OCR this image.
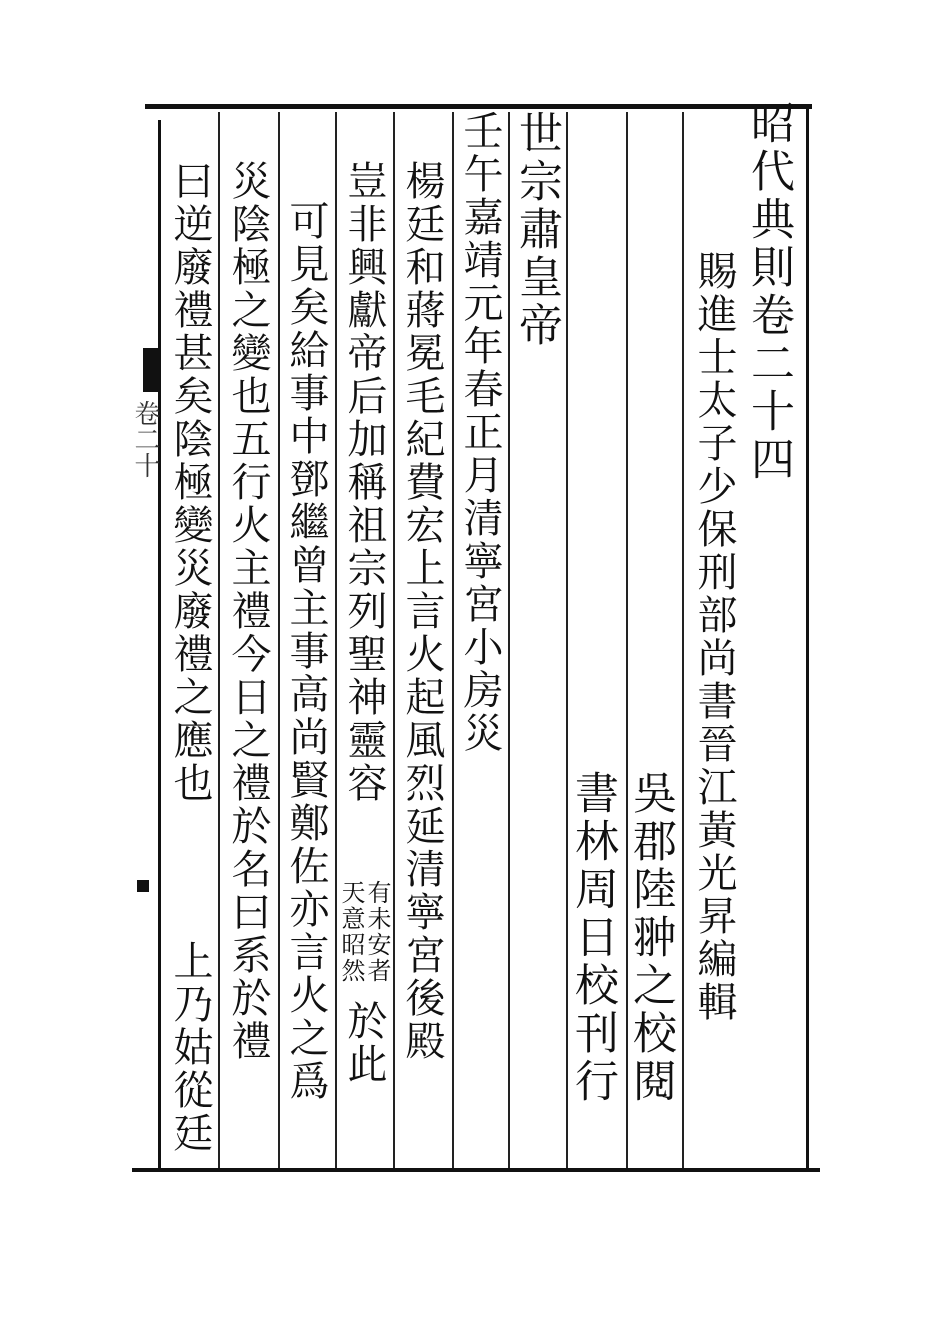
卷二十	昭代典則卷二十四
賜進士太子少保刑部尚書晉江黃光昇編輯
吳郡陸翀之校閱
書林周日校刊行
世宗肅皇帝
壬午嘉靖元年春正月清寧宮小房災
楊廷和蔣冕毛紀費宏上言火起風烈延清寧宮後殿
豈非興獻帝后加稱祖宗列聖神靈容
有未安者
天意昭然
於此
可見矣給事中鄧繼曾主事高尚賢鄭佐亦言火之爲
災陰極之變也五行火主禮今日之禮於名曰系於禮
曰逆廢禮甚矣陰極變災廢禮之應也
上乃姑從廷
